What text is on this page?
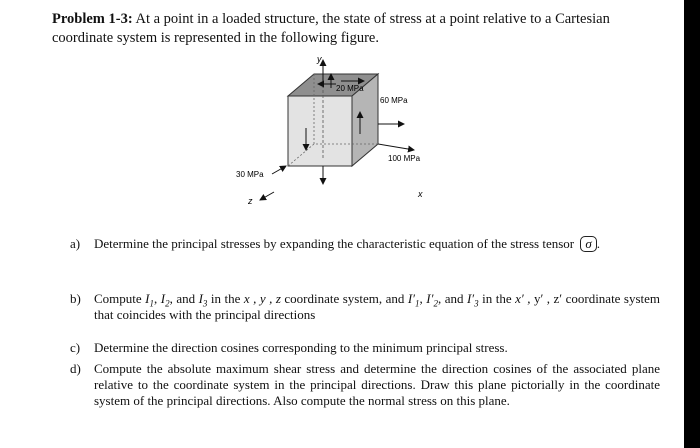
Problem 1-3: At a point in a loaded structure, the state of stress at a point relative to a Cartesian coordinate system is represented in the following figure.
y
20 MPa
60 MPa
100 MPa
x
30 MPa
z
a) Determine the principal stresses by expanding the characteristic equation of the stress tensor σ .
b) Compute $I_1$, $I_2$, and $I_3$ in the x , y , z coordinate system, and $I'_1$, $I'_2$, and $I'_3$ in the x′ , y′ , z′ coordinate system that coincides with the principal directions
c) Determine the direction cosines corresponding to the minimum principal stress.
d) Compute the absolute maximum shear stress and determine the direction cosines of the associated plane relative to the coordinate system in the principal directions. Draw this plane pictorially in the coordinate system of the principal directions. Also compute the normal stress on this plane.
